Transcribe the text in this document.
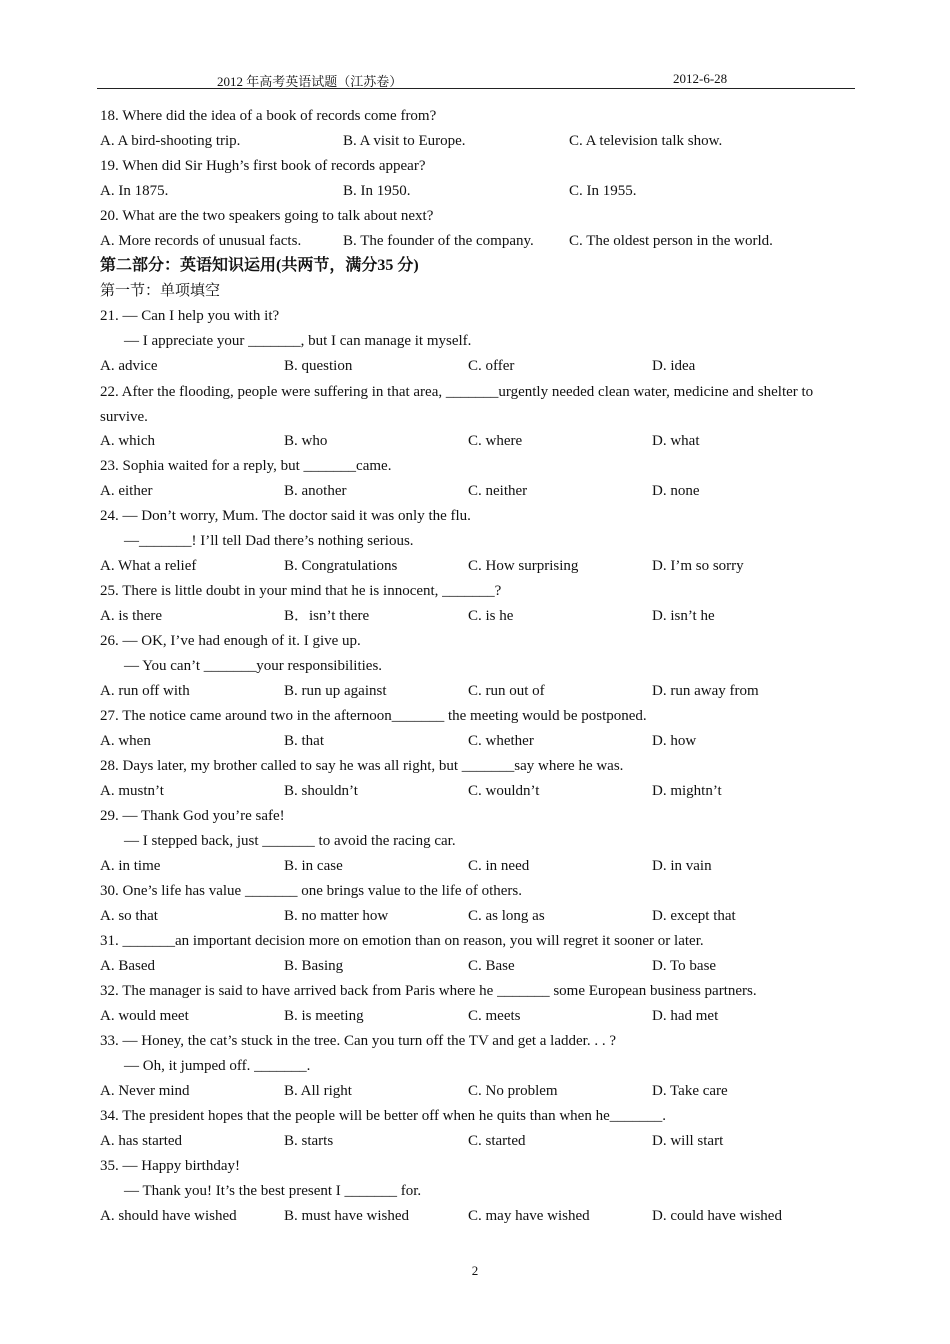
2012 年高考英语试题（江苏卷）	2012-6-28
18. Where did the idea of a book of records come from?
A. A bird-shooting trip.	B. A visit to Europe.	C. A television talk show.
19. When did Sir Hugh’s first book of records appear?
A. In 1875.	B. In 1950.	C. In 1955.
20. What are the two speakers going to talk about next?
A. More records of unusual facts.	B. The founder of the company. C. The oldest person in the world.
第二部分：英语知识运用(共两节，满分35 分)
第一节：单项填空
21. — Can I help you with it?
— I appreciate your _______, but I can manage it myself.
A. advice	B. question	C. offer	D. idea
22. After the flooding, people were suffering in that area, _______urgently needed clean water, medicine and shelter to survive.
A. which	B. who	C. where	D. what
23. Sophia waited for a reply, but _______came.
A. either	B. another	C. neither	D. none
24. — Don’t worry, Mum. The doctor said it was only the flu.
—_______! I’ll tell Dad there’s nothing serious.
A. What a relief	B. Congratulations	C. How surprising	D. I’m so sorry
25. There is little doubt in your mind that he is innocent, _______?
A. is there	B．isn’t there	C. is he	D. isn’t he
26. — OK, I’ve had enough of it. I give up.
— You can’t _______your responsibilities.
A. run off with	B. run up against	C. run out of	D. run away from
27. The notice came around two in the afternoon_______ the meeting would be postponed.
A. when	B. that	C. whether	D. how
28. Days later, my brother called to say he was all right, but _______say where he was.
A. mustn’t	B. shouldn’t	C. wouldn’t	D. mightn’t
29. — Thank God you’re safe!
— I stepped back, just _______ to avoid the racing car.
A. in time	B. in case	C. in need	D. in vain
30. One’s life has value _______ one brings value to the life of others.
A. so that	B. no matter how	C. as long as	D. except that
31. _______an important decision more on emotion than on reason, you will regret it sooner or later.
A. Based	B. Basing	C. Base	D. To base
32. The manager is said to have arrived back from Paris where he _______ some European business partners.
A. would meet	B. is meeting	C. meets	D. had met
33. — Honey, the cat’s stuck in the tree. Can you turn off the TV and get a ladder. . . ?
— Oh, it jumped off. _______.
A. Never mind	B. All right	C. No problem	D. Take care
34. The president hopes that the people will be better off when he quits than when he_______.
A. has started	B. starts	C. started	D. will start
35. — Happy birthday!
— Thank you! It’s the best present I _______ for.
A. should have wished	B. must have wished	C. may have wished	D. could have wished
2
